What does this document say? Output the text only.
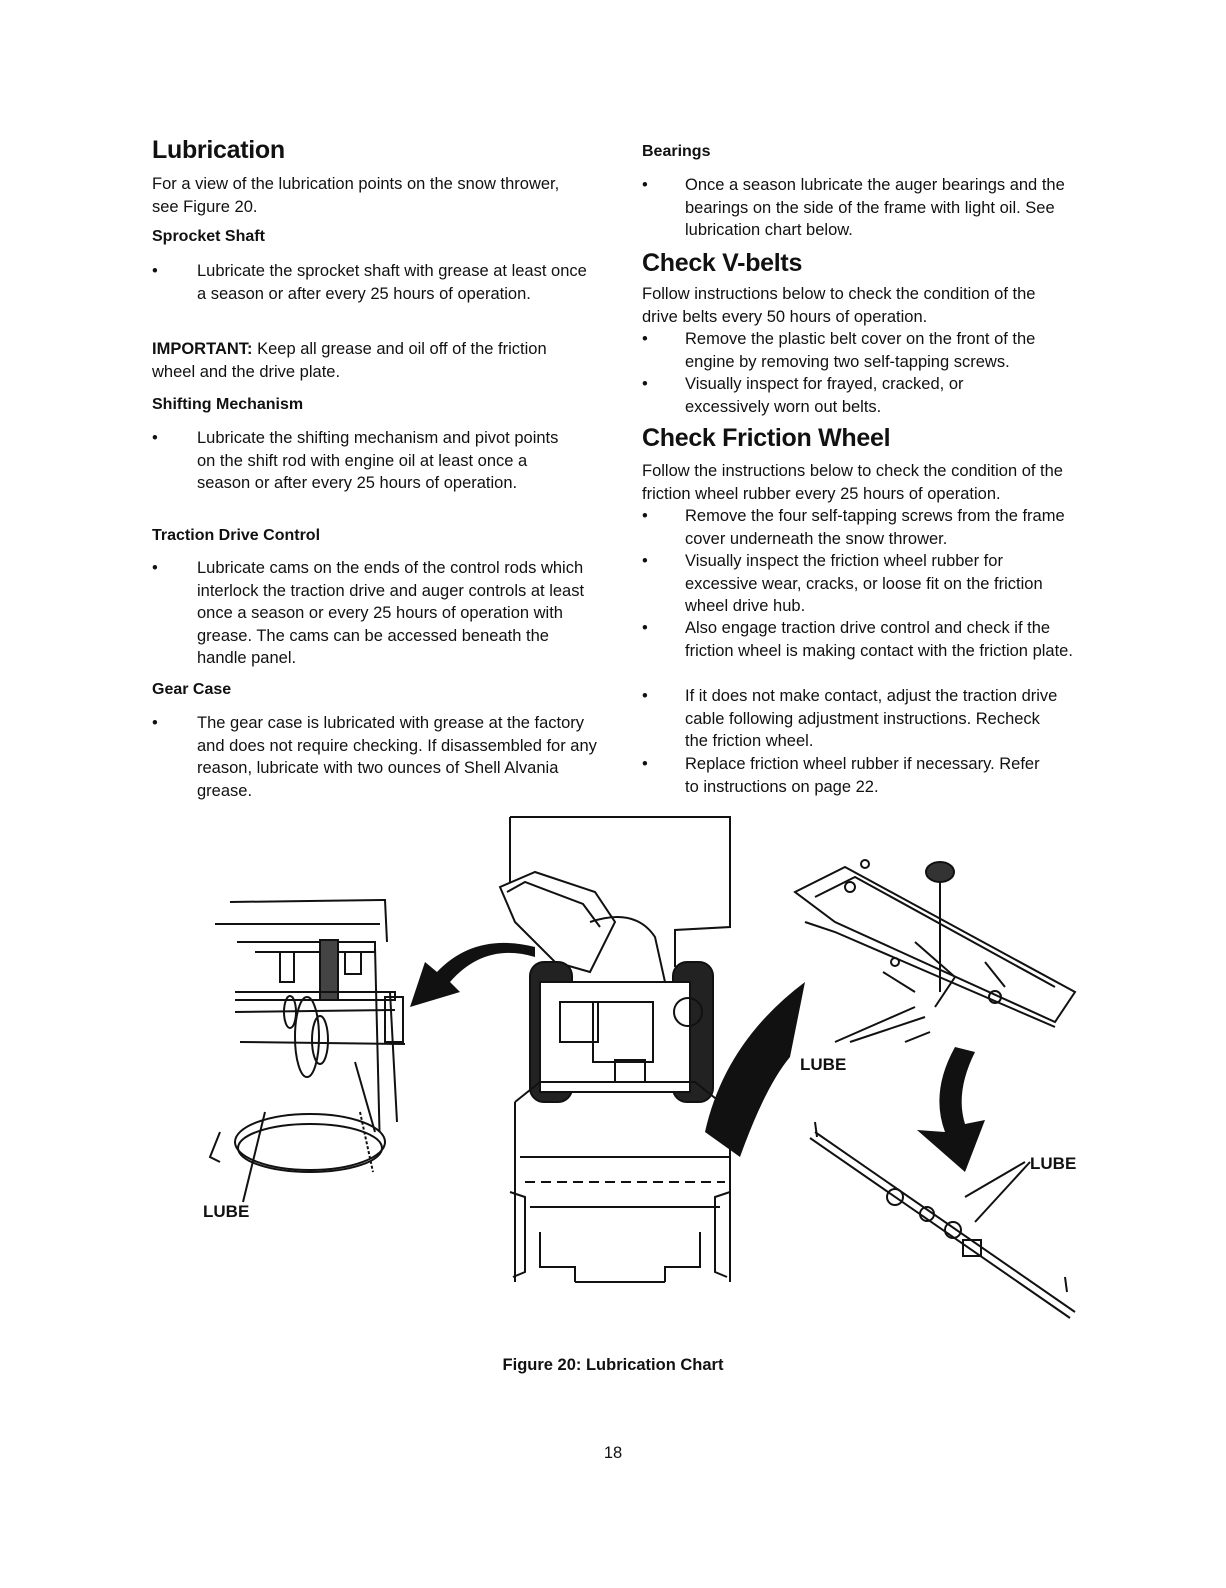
Lubrication

For a view of the lubrication points on the snow thrower, see Figure 20.

Sprocket Shaft
• Lubricate the sprocket shaft with grease at least once a season or after every 25 hours of operation.

IMPORTANT: Keep all grease and oil off of the friction wheel and the drive plate.

Shifting Mechanism
• Lubricate the shifting mechanism and pivot points on the shift rod with engine oil at least once a season or after every 25 hours of operation.
Traction Drive Control
• Lubricate cams on the ends of the control rods which interlock the traction drive and auger controls at least once a season or every 25 hours of operation with grease. The cams can be accessed beneath the handle panel.
Gear Case
• The gear case is lubricated with grease at the factory and does not require checking. If disassembled for any reason, lubricate with two ounces of Shell Alvania grease.
Bearings
• Once a season lubricate the auger bearings and the bearings on the side of the frame with light oil. See lubrication chart below.
Check V-belts

Follow instructions below to check the condition of the drive belts every 50 hours of operation.

• Remove the plastic belt cover on the front of the engine by removing two self-tapping screws.
• Visually inspect for frayed, cracked, or excessively worn out belts.
Check Friction Wheel

Follow the instructions below to check the condition of the friction wheel rubber every 25 hours of operation.

• Remove the four self-tapping screws from the frame cover underneath the snow thrower.
• Visually inspect the friction wheel rubber for excessive wear, cracks, or loose fit on the friction wheel drive hub.
• Also engage traction drive control and check if the friction wheel is making contact with the friction plate.
• If it does not make contact, adjust the traction drive cable following adjustment instructions. Recheck the friction wheel.
• Replace friction wheel rubber if necessary. Refer to instructions on page 22.
LUBE
LUBE
LUBE
Figure 20: Lubrication Chart
18
